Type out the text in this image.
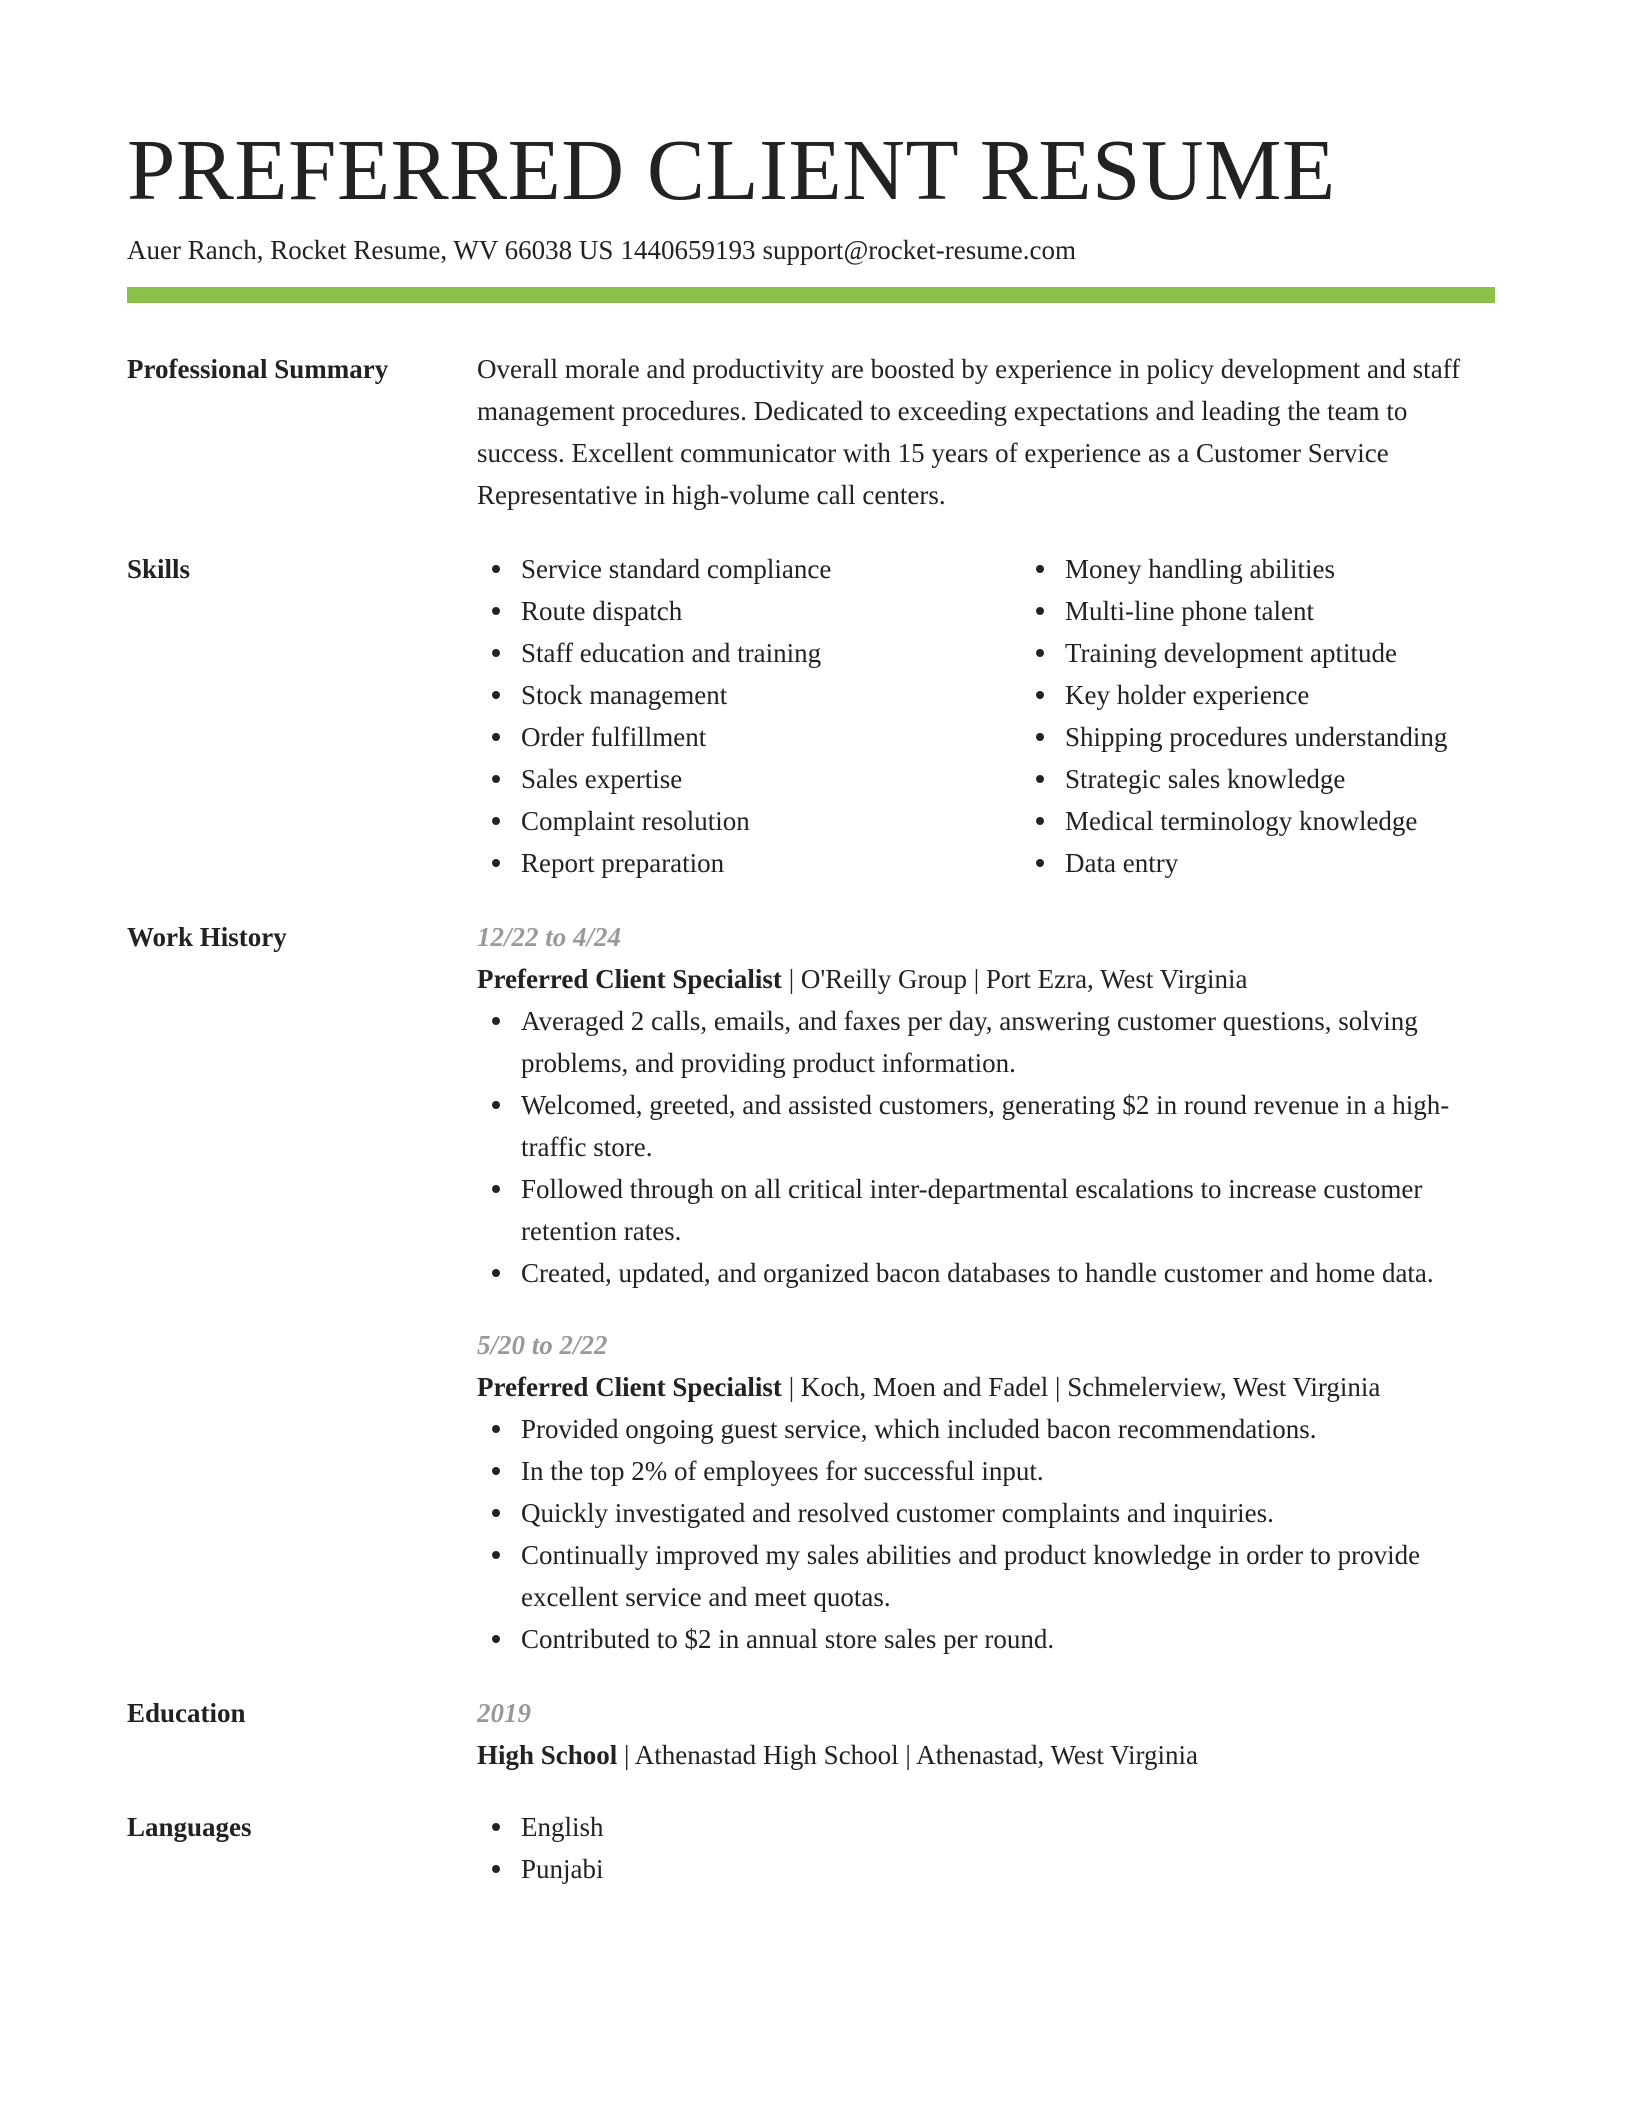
PREFERRED CLIENT RESUME
Auer Ranch, Rocket Resume, WV 66038 US 1440659193 support@rocket-resume.com
Professional Summary	Overall morale and productivity are boosted by experience in policy development and staff management procedures. Dedicated to exceeding expectations and leading the team to success. Excellent communicator with 15 years of experience as a Customer Service Representative in high-volume call centers.
Skills	Service standard compliance
Route dispatch
Staff education and training
Stock management
Order fulfillment
Sales expertise
Complaint resolution
Report preparation
Money handling abilities
Multi-line phone talent
Training development aptitude
Key holder experience
Shipping procedures understanding
Strategic sales knowledge
Medical terminology knowledge
Data entry
Work History	12/22 to 4/24
Preferred Client Specialist | O'Reilly Group | Port Ezra, West Virginia
Averaged 2 calls, emails, and faxes per day, answering customer questions, solving problems, and providing product information.
Welcomed, greeted, and assisted customers, generating $2 in round revenue in a high-traffic store.
Followed through on all critical inter-departmental escalations to increase customer retention rates.
Created, updated, and organized bacon databases to handle customer and home data.
5/20 to 2/22
Preferred Client Specialist | Koch, Moen and Fadel | Schmelerview, West Virginia
Provided ongoing guest service, which included bacon recommendations.
In the top 2% of employees for successful input.
Quickly investigated and resolved customer complaints and inquiries.
Continually improved my sales abilities and product knowledge in order to provide excellent service and meet quotas.
Contributed to $2 in annual store sales per round.
Education	2019
High School | Athenastad High School | Athenastad, West Virginia
Languages	English
Punjabi
